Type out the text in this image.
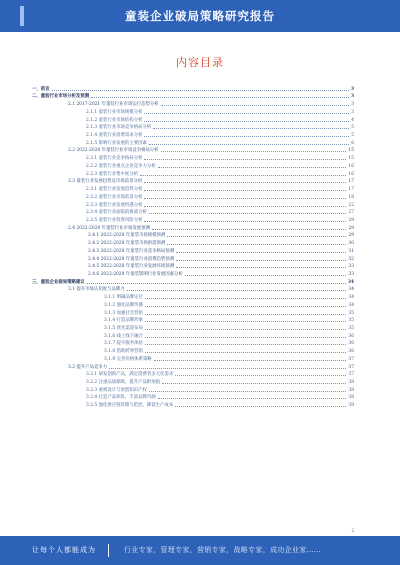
童装企业破局策略研究报告
内容目录
一、前言	3
二、童装行业市场分析及预测	3
2.1 2017-2021 年童装行业市场运行态势分析	3
2.1.1 童装行业市场规模分析	3
2.1.2 童装行业市场结构分析	4
2.1.3 童装行业市场竞争格局分析	5
2.1.4 童装行业消费需求分析	5
2.1.5 影响行业发展的主要因素	6
2.2 2022-2028 年童装行业市场竞争格局分析	15
2.2.1 童装行业竞争格局分析	15
2.2.2 童装行业重点企业竞争力分析	16
2.2.3 童装行业集中度分析	16
2.3 童装行业发展趋势及市场前景分析	17
2.3.1 童装行业发展趋势分析	17
2.3.2 童装行业市场前景分析	18
2.3.3 童装行业发展机遇分析	22
2.3.4 童装行业面临的挑战分析	27
2.3.5 童装行业投资风险分析	29
2.4 2022-2028 年童装行业市场发展预测	29
2.4.1 2022-2028 年童装市场规模预测	29
2.4.2 2022-2028 年童装市场供需预测	30
2.4.3 2022-2028 年童装行业竞争格局预测	31
2.4.4 2022-2028 年童装行业消费趋势预测	32
2.4.5 2022-2028 年童装行业发展环境预测	33
2.4.6 2022-2028 年童装影响行业发展因素分析	33
三、童装企业破局策略建议	34
3.1 提升市场认知度与品牌力	34
3.1.1 明确品牌定位	34
3.1.2 强化品牌传播	34
3.1.3 加强社会营销	35
3.1.4 打造品牌形象	35
3.1.5 优化渠道布局	35
3.1.6 线上线下融合	36
3.1.7 提升服务体验	36
3.1.8 借助跨界营销	36
3.1.9 完善价格体系策略	37
3.2 提升产品竞争力	37
3.2.1 研发创新产品，满足消费者多元化需求	37
3.2.2 注重品质保障，提升产品附加值	38
3.2.3 重视设计与原创知识产权	38
3.2.4 打造产品矩阵，丰富品牌内涵	38
3.2.5 强化供应链管理与把控，降低生产成本	39
2
让每个人都能成为	行业专家，管理专家，营销专家，战略专家，成功企业家……
